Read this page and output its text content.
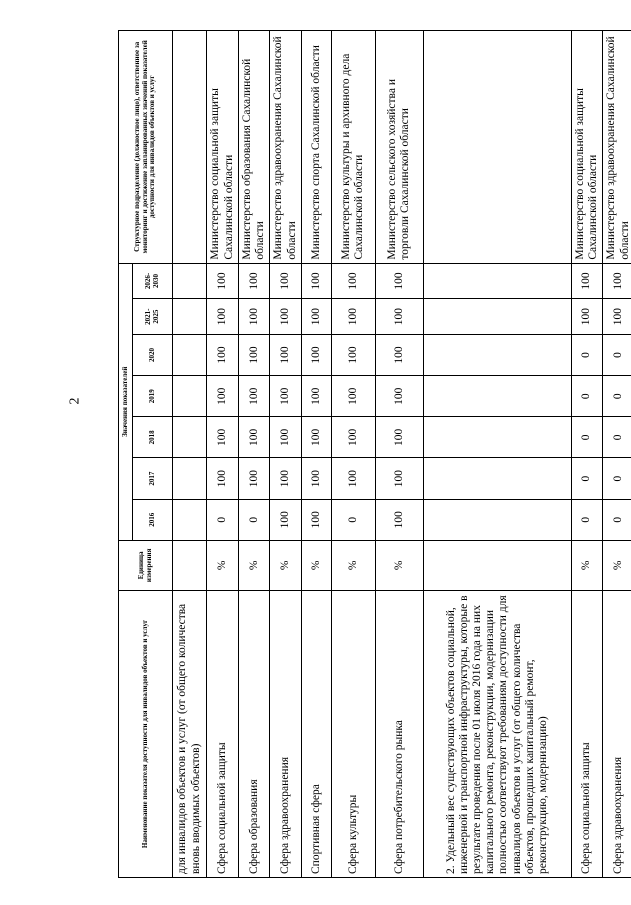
2
Наименование показателя доступности для инвалидов объектов и услуг	Единица измерения	Значения показателей							Структурное подразделение (должностное лицо), ответственное за мониторинг и достижение запланированных значений показателей доступности для инвалидов объектов и услуг
		2016	2017	2018	2019	2020	2021-2025	2026-2030	
для инвалидов объектов и услуг (от общего количества вновь вводимых объектов)									
Сфера социальной защиты	%	0	100	100	100	100	100	100	Министерство социальной защиты Сахалинской области
Сфера образования	%	0	100	100	100	100	100	100	Министерство образования Сахалинской области
Сфера здравоохранения	%	100	100	100	100	100	100	100	Министерство здравоохранения Сахалинской области
Спортивная сфера	%	100	100	100	100	100	100	100	Министерство спорта Сахалинской области
Сфера культуры	%	0	100	100	100	100	100	100	Министерство культуры и архивного дела Сахалинской области
Сфера потребительского рынка	%	100	100	100	100	100	100	100	Министерство сельского хозяйства и торговли Сахалинской области
2. Удельный вес существующих объектов социальной, инженерной и транспортной инфраструктуры, которые в результате проведения после 01 июля 2016 года на них капитального ремонта, реконструкции, модернизации полностью соответствуют требованиям доступности для инвалидов объектов и услуг (от общего количества объектов, прошедших капитальный ремонт, реконструкцию, модернизацию)									
Сфера социальной защиты	%	0	0	0	0	0	100	100	Министерство социальной защиты Сахалинской области
Сфера здравоохранения	%	0	0	0	0	0	100	100	Министерство здравоохранения Сахалинской области
